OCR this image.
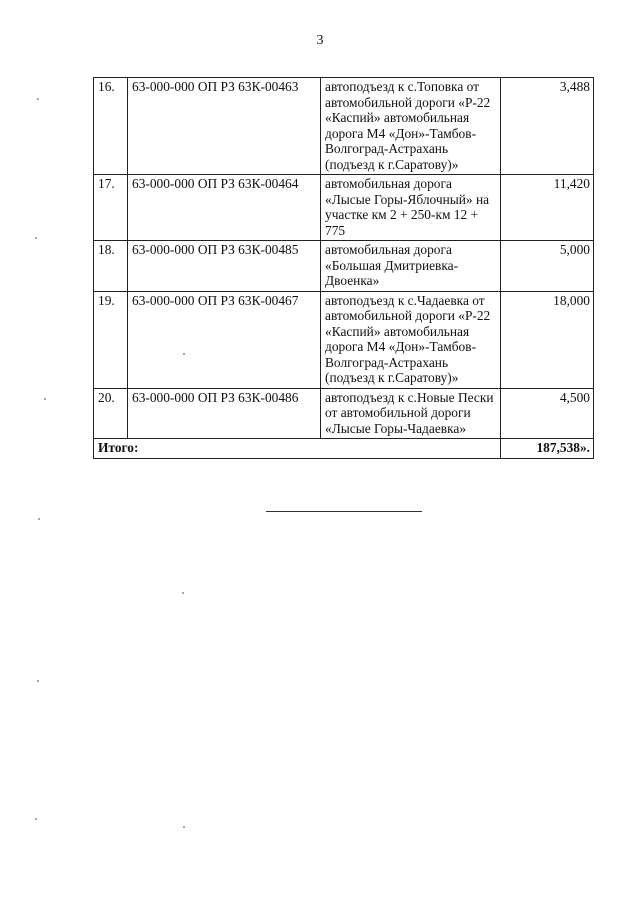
3
16.	63-000-000 ОП РЗ 63К-00463	автоподъезд к с.Топовка от автомобильной дороги «Р-22 «Каспий» автомобильная дорога М4 «Дон»-Тамбов-Волгоград-Астрахань (подъезд к г.Саратову)»	3,488
17.	63-000-000 ОП РЗ 63К-00464	автомобильная дорога «Лысые Горы-Яблочный» на участке км 2 + 250-км 12 + 775	11,420
18.	63-000-000 ОП РЗ 63К-00485	автомобильная дорога «Большая Дмитриевка-Двоенка»	5,000
19.	63-000-000 ОП РЗ 63К-00467	автоподъезд к с.Чадаевка от автомобильной дороги «Р-22 «Каспий» автомобильная дорога М4 «Дон»-Тамбов-Волгоград-Астрахань (подъезд к г.Саратову)»	18,000
20.	63-000-000 ОП РЗ 63К-00486	автоподъезд к с.Новые Пески от автомобильной дороги «Лысые Горы-Чадаевка»	4,500
Итого:			187,538».
